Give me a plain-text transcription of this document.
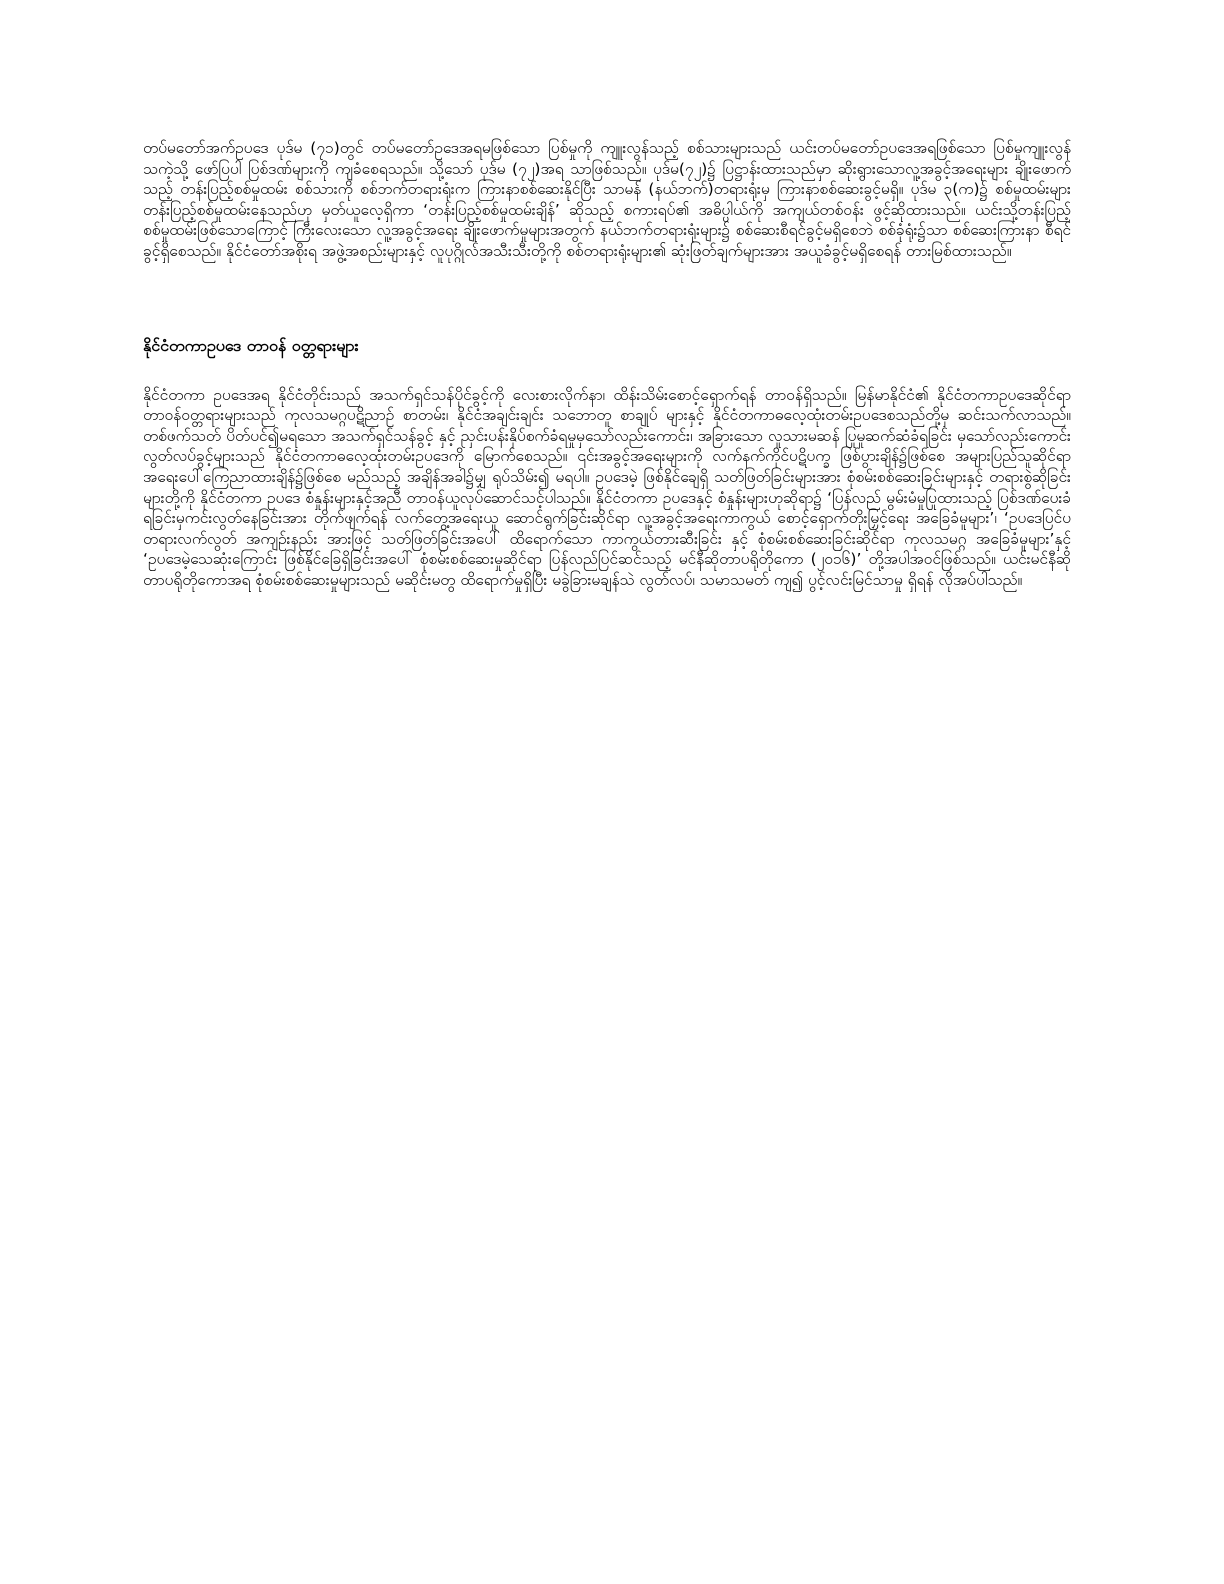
တပ်မတော်အက်ဥပဒေ ပုဒ်မ (၇၁)တွင် တပ်မတော်ဥဒေအရမဖြစ်သော ပြစ်မှုကို ကျူးလွန်သည့် စစ်သားများသည် ယင်းတပ်မတော်ဥပဒေအရဖြစ်သော ပြစ်မှုကျူးလွန်သကဲ့သို့ ဖော်ပြပါ ပြစ်ဒဏ်များကို ကျခံစေရသည်။ သို့သော် ပုဒ်မ (၇၂)အရ သာဖြစ်သည်။ ပုဒ်မ(၇၂)၌ ပြဋ္ဌာန်းထားသည်မှာ ဆိုးရွားသောလူ့အခွင့်အရေးများ ချိုးဖောက်သည့် တန်းပြည့်စစ်မှုထမ်း စစ်သားကို စစ်ဘက်တရားရုံးက ကြားနာစစ်ဆေးနိုင်ပြီး သာမန် (နယ်ဘက်)တရားရုံးမှ ကြားနာစစ်ဆေးခွင့်မရှိ။ ပုဒ်မ ၃(က)၌ စစ်မှုထမ်းများ တန်းပြည့်စစ်မှုထမ်းနေသည်ဟု မှတ်ယူလေ့ရှိကာ ‘တန်းပြည့်စစ်မှုထမ်းချိန်’ ဆိုသည့် စကားရပ်၏ အဓိပ္ပါယ်ကို အကျယ်တစ်ဝန်း ဖွင့်ဆိုထားသည်။ ယင်းသို့တန်းပြည့်စစ်မှုထမ်းဖြစ်သောကြောင့် ကြီးလေးသော လူ့အခွင့်အရေး ချိုးဖောက်မှုများအတွက် နယ်ဘက်တရားရုံးများ၌ စစ်ဆေးစီရင်ခွင့်မရှိစေဘဲ စစ်ခုံရုံး၌သာ စစ်ဆေးကြားနာ စီရင်ခွင့်ရှိစေသည်။ နိုင်ငံတော်အစိုးရ အဖွဲ့အစည်းများနှင့် လူပုဂ္ဂိုလ်အသီးသီးတို့ကို စစ်တရားရုံးများ၏ ဆုံးဖြတ်ချက်များအား အယူခံခွင့်မရှိစေရန် တားမြစ်ထားသည်။

နိုင်ငံတကာဥပဒေ တာဝန် ဝတ္တရားများ

နိုင်ငံတကာ ဥပဒေအရ နိုင်ငံတိုင်းသည် အသက်ရှင်သန်ပိုင်ခွင့်ကို လေးစားလိုက်နာ၊ ထိန်းသိမ်းစောင့်ရှောက်ရန် တာဝန်ရှိသည်။ မြန်မာနိုင်ငံ၏ နိုင်ငံတကာဥပဒေဆိုင်ရာ တာဝန်ဝတ္တရားများသည် ကုလသမဂ္ဂပဋိညာဉ် စာတမ်း၊ နိုင်ငံအချင်းချင်း သဘောတူ စာချုပ် များနှင့် နိုင်ငံတကာဓလေ့ထုံးတမ်းဥပဒေစသည်တို့မှ ဆင်းသက်လာသည်။ တစ်ဖက်သတ် ပိတ်ပင်၍မရသော အသက်ရှင်သန်ခွင့် နှင့် ညှင်းပန်းနှိပ်စက်ခံရမှုမှသော်လည်းကောင်း၊ အခြားသော လူသားမဆန် ပြုမူဆက်ဆံခံရခြင်း မှသော်လည်းကောင်း လွတ်လပ်ခွင့်များသည် နိုင်ငံတကာဓလေ့ထုံးတမ်းဥပဒေကို မြောက်စေသည်။ ၎င်းအခွင့်အရေးများကို လက်နက်ကိုင်ပဋိပက္ခ ဖြစ်ပွားချိန်၌ဖြစ်စေ အများပြည်သူဆိုင်ရာ အရေးပေါ်ကြေညာထားချိန်၌ဖြစ်စေ မည်သည့် အချိန်အခါ၌မျှ ရုပ်သိမ်း၍ မရပါ။ ဥပဒေမဲ့ ဖြစ်နိုင်ချေရှိ သတ်ဖြတ်ခြင်းများအား စုံစမ်းစစ်ဆေးခြင်းများနှင့် တရားစွဲဆိုခြင်းများတို့ကို နိုင်ငံတကာ ဥပဒေ စံနှုန်းများနှင့်အညီ တာဝန်ယူလုပ်ဆောင်သင့်ပါသည်။ နိုင်ငံတကာ ဥပဒေနှင့် စံနှုန်းများဟုဆိုရာ၌ ‘ပြန်လည် မွမ်းမံမှုပြုထားသည့် ပြစ်ဒဏ်ပေးခံရခြင်းမှကင်းလွတ်နေခြင်းအား တိုက်ဖျက်ရန် လက်တွေ့အရေးယူ ဆောင်ရွက်ခြင်းဆိုင်ရာ လူ့အခွင့်အရေးကာကွယ် စောင့်ရှောက်တိုးမြှင့်ရေး အခြေခံမူများ’၊ ‘ဥပဒေပြင်ပ တရားလက်လွတ် အကျဉ်းနည်း အားဖြင့် သတ်ဖြတ်ခြင်းအပေါ် ထိရောက်သော ကာကွယ်တားဆီးခြင်း နှင့် စုံစမ်းစစ်ဆေးခြင်းဆိုင်ရာ ကုလသမဂ္ဂ အခြေခံမူများ’နှင့် ‘ဥပဒေမဲ့သေဆုံးကြောင်း ဖြစ်နိုင်ခြေရှိခြင်းအပေါ် စုံစမ်းစစ်ဆေးမှုဆိုင်ရာ ပြန်လည်ပြင်ဆင်သည့် မင်နီဆိုတာပရိုတိုကော (၂၀၁၆)’ တို့အပါအဝင်ဖြစ်သည်။ ယင်းမင်နီဆိုတာပရိုတိုကောအရ စုံစမ်းစစ်ဆေးမှုများသည် မဆိုင်းမတွ ထိရောက်မှုရှိပြီး မခွဲခြားမချန်သဲ လွတ်လပ်၊ သမာသမတ် ကျ၍ ပွင့်လင်းမြင်သာမှု ရှိရန် လိုအပ်ပါသည်။
